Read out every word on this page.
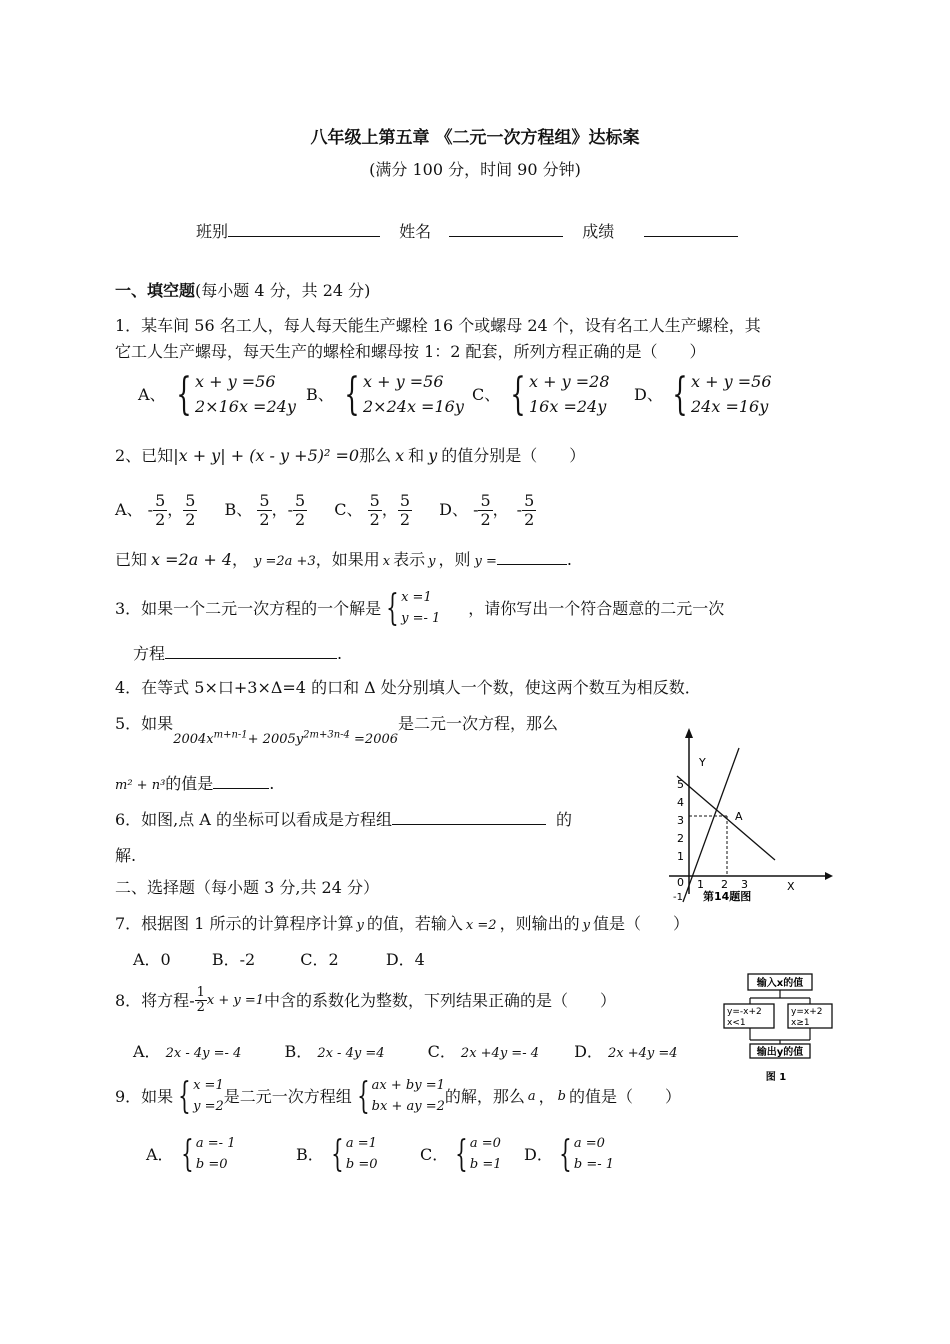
八年级上第五章 《二元一次方程组》达标案
(满分 100 分，时间 90 分钟)
班别	姓名	成绩
一、填空题(每小题 4 分，共 24 分)
1．某车间 56 名工人，每人每天能生产螺栓 16 个或螺母 24 个，设有名工人生产螺栓，其
它工人生产螺母，每天生产的螺栓和螺母按 1：2 配套，所列方程正确的是（　　）
A、 { x + y =56
2×16x =24y
B、 { x + y =56
2×24x =16y
C、 { x + y =28
16x =24y
D、 { x + y =56
24x =16y
2、已知|x + y| + (x - y +5)² =0那么 x 和 y 的值分别是（　　）
A、 - $\frac{5}{2}$ ， $\frac{5}{2}$ B、 $\frac{5}{2}$ ，- $\frac{5}{2}$ C、 $\frac{5}{2}$ ， $\frac{5}{2}$ D、 - $\frac{5}{2}$ ， - $\frac{5}{2}$
已知 x =2a + 4， y =2a +3，如果用 x 表示 y ，则 y =	.
3．如果一个二元一次方程的一个解是 { x =1
y =- 1
，请你写出一个符合题意的二元一次
方程	.
4．在等式 5×口+3×Δ=4 的口和 Δ 处分别填人一个数，使这两个数互为相反数．
5．如果$_{2004x^{m+n-1}+ 2005y^{2m+3n-4} =2006}$是二元一次方程，那么
m² + n³的值是	.
6．如图,点 A 的坐标可以看成是方程组	的
解.
Y
X
5
4
3
2
1
0
-1
1 2 3
A
第14题图
二、选择题（每小题 3 分,共 24 分）
7．根据图 1 所示的计算程序计算 y 的值，若输入 x =2 ，则输出的 y 值是（　　）
A．0	B．-2	C．2	D．4
8．将方程- $\frac{1}{2}$ x + y =1中含的系数化为整数，下列结果正确的是（　　）
A． 2x - 4y =- 4	B． 2x - 4y =4	C． 2x +4y =- 4 D． 2x +4y =4
输入x的值
y=-x+2
x<1
y=x+2
x≥1
输出y的值
图 1
9．如果 { x =1
y =2
是二元一次方程组 { ax + by =1
bx + ay =2
的解，那么 a ， b 的值是（　　）
A． { a =- 1
b =0
B． { a =1
b =0
C． { a =0
b =1
D． { a =0
b =- 1
